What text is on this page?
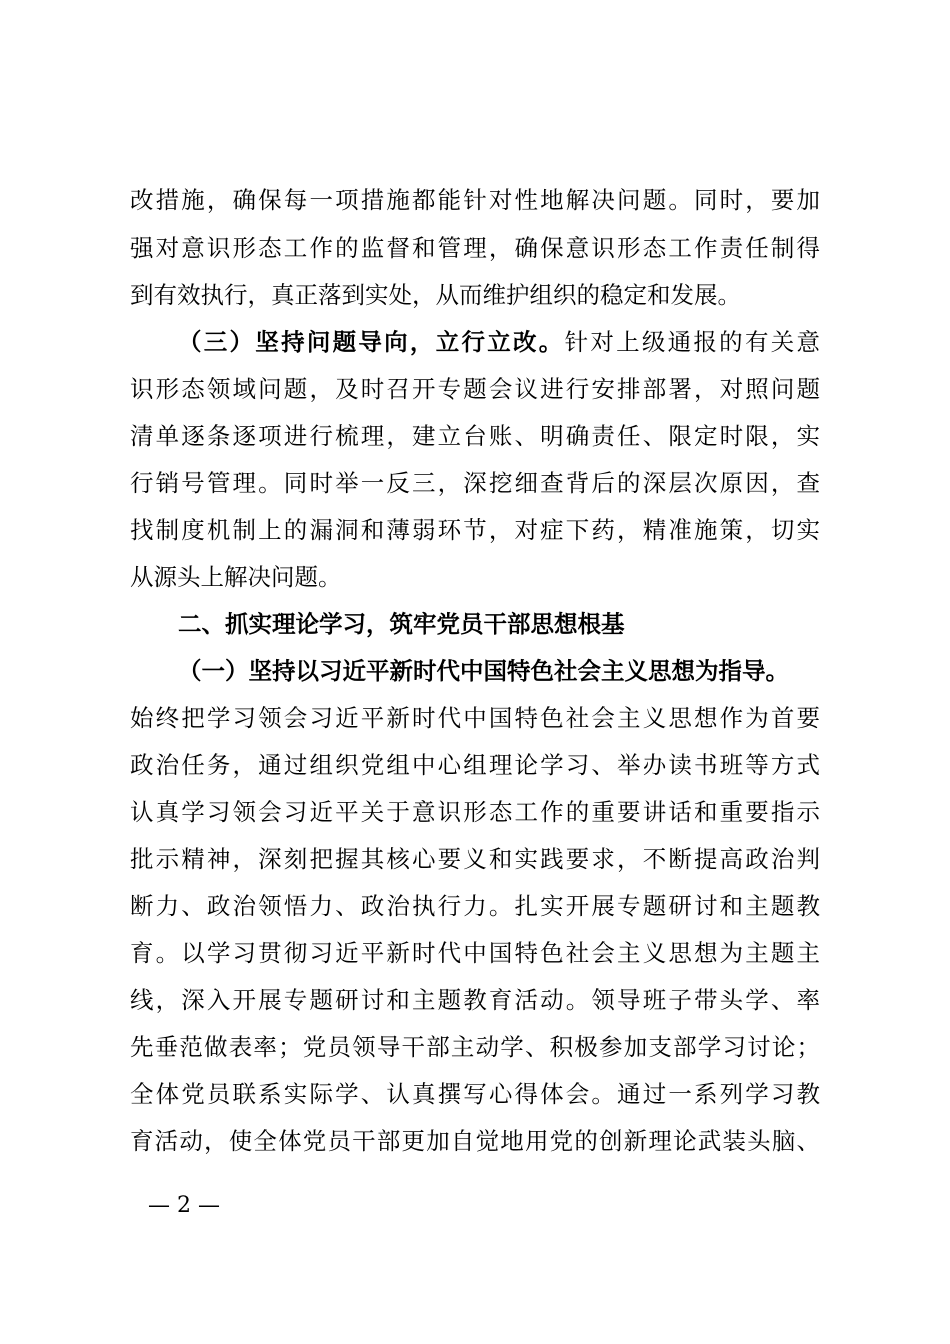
改措施，确保每一项措施都能针对性地解决问题。同时，要加
强对意识形态工作的监督和管理，确保意识形态工作责任制得
到有效执行，真正落到实处，从而维护组织的稳定和发展。
（三）坚持问题导向，立行立改。针对上级通报的有关意
识形态领域问题，及时召开专题会议进行安排部署，对照问题
清单逐条逐项进行梳理，建立台账、明确责任、限定时限，实
行销号管理。同时举一反三，深挖细查背后的深层次原因，查
找制度机制上的漏洞和薄弱环节，对症下药，精准施策，切实
从源头上解决问题。
二、抓实理论学习，筑牢党员干部思想根基
（一）坚持以习近平新时代中国特色社会主义思想为指导。
始终把学习领会习近平新时代中国特色社会主义思想作为首要
政治任务，通过组织党组中心组理论学习、举办读书班等方式
认真学习领会习近平关于意识形态工作的重要讲话和重要指示
批示精神，深刻把握其核心要义和实践要求，不断提高政治判
断力、政治领悟力、政治执行力。扎实开展专题研讨和主题教
育。以学习贯彻习近平新时代中国特色社会主义思想为主题主
线，深入开展专题研讨和主题教育活动。领导班子带头学、率
先垂范做表率；党员领导干部主动学、积极参加支部学习讨论；
全体党员联系实际学、认真撰写心得体会。通过一系列学习教
育活动，使全体党员干部更加自觉地用党的创新理论武装头脑、
— 2 —
